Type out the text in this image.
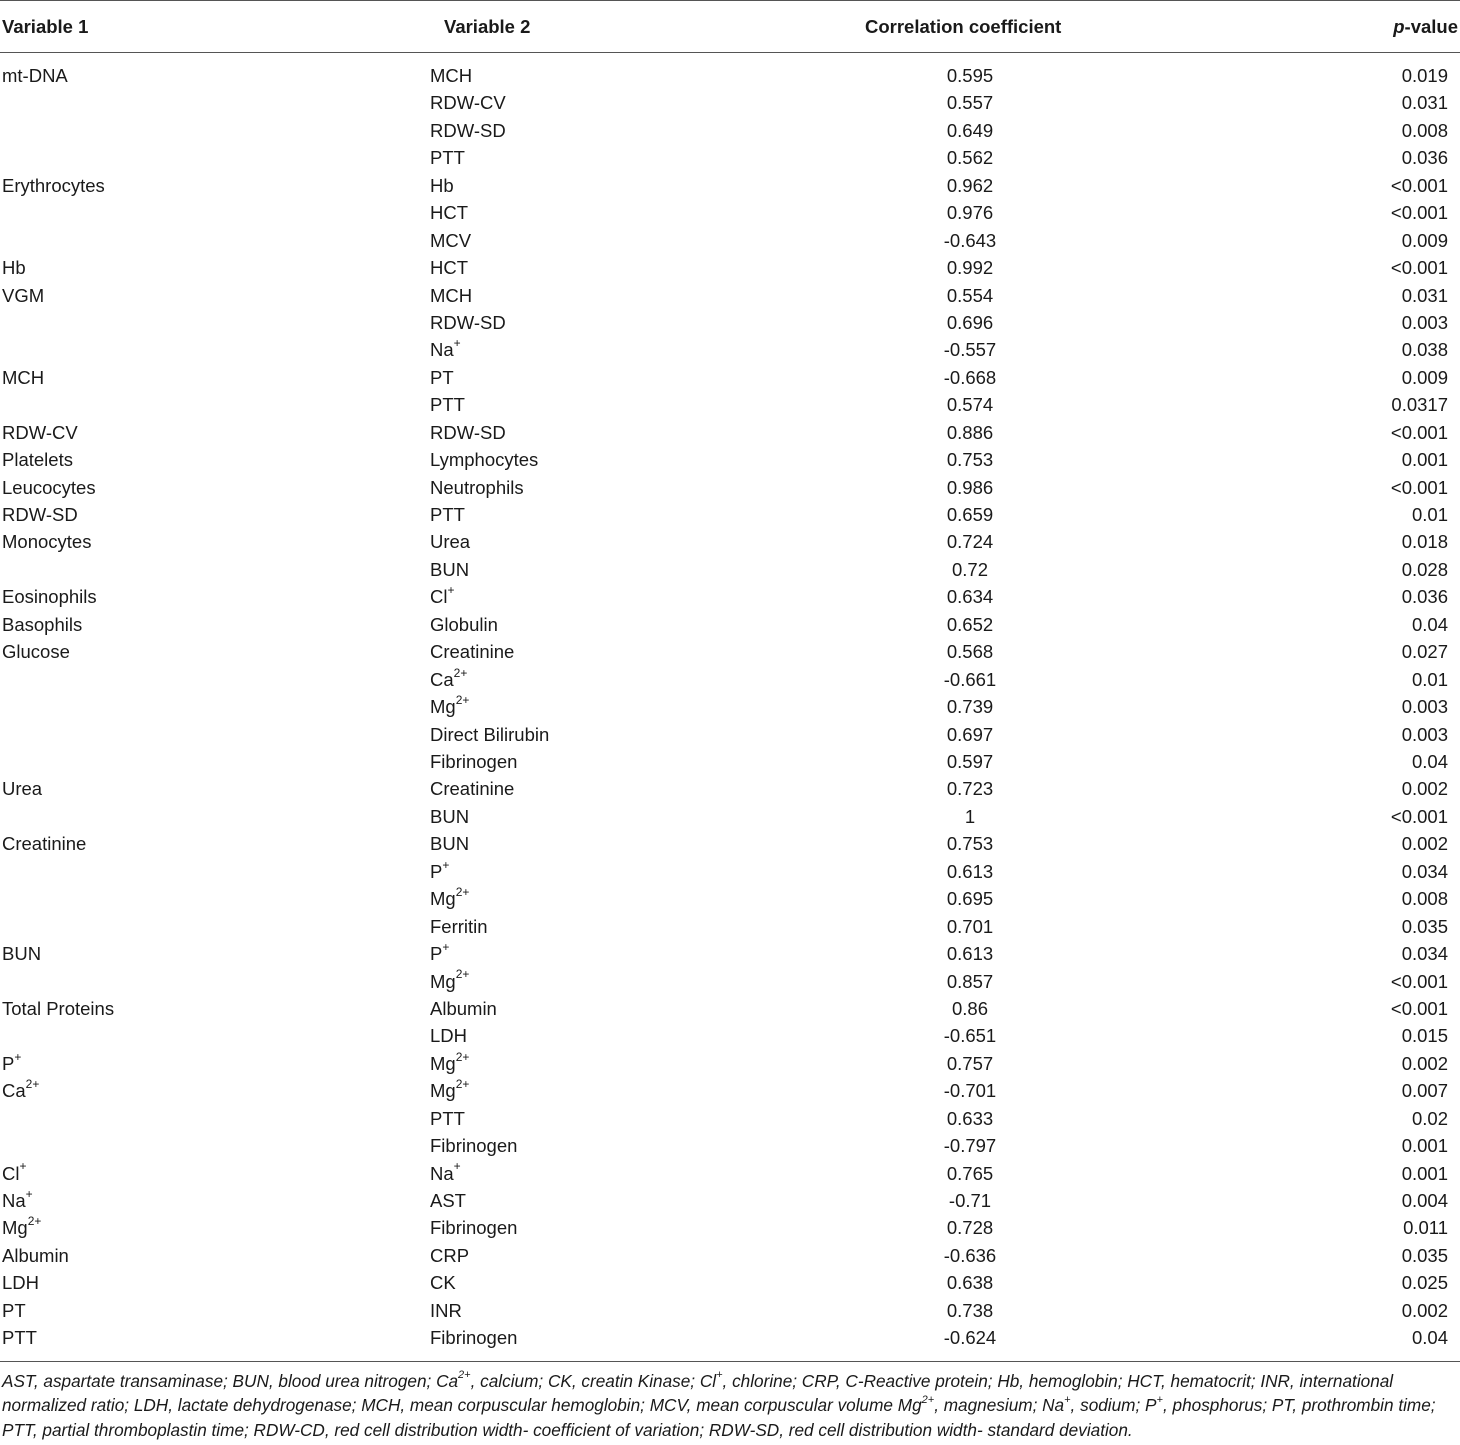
Variable 1	Variable 2	Correlation coefficient	p-value
mt-DNA	MCH	0.595	0.019
RDW-CV	0.557	0.031
RDW-SD	0.649	0.008
PTT	0.562	0.036
Erythrocytes	Hb	0.962	<0.001
HCT	0.976	<0.001
MCV	-0.643	0.009
Hb	HCT	0.992	<0.001
VGM	MCH	0.554	0.031
RDW-SD	0.696	0.003
Na+	-0.557	0.038
MCH	PT	-0.668	0.009
PTT	0.574	0.0317
RDW-CV	RDW-SD	0.886	<0.001
Platelets	Lymphocytes	0.753	0.001
Leucocytes	Neutrophils	0.986	<0.001
RDW-SD	PTT	0.659	0.01
Monocytes	Urea	0.724	0.018
BUN	0.72	0.028
Eosinophils	Cl+	0.634	0.036
Basophils	Globulin	0.652	0.04
Glucose	Creatinine	0.568	0.027
$Ca^{2+}$	-0.661	0.01
$Mg^{2+}$	0.739	0.003
Direct Bilirubin	0.697	0.003
Fibrinogen	0.597	0.04
Urea	Creatinine	0.723	0.002
BUN	1	<0.001
Creatinine	BUN	0.753	0.002
P+	0.613	0.034
$Mg^{2+}$	0.695	0.008
Ferritin	0.701	0.035
BUN	P+	0.613	0.034
$Mg^{2+}$	0.857	<0.001
Total Proteins	Albumin	0.86	<0.001
LDH	-0.651	0.015
P+	$Mg^{2+}$	0.757	0.002
$Ca^{2+}$	$Mg^{2+}$	-0.701	0.007
PTT	0.633	0.02
Fibrinogen	-0.797	0.001
Cl+	Na+	0.765	0.001
Na+	AST	-0.71	0.004
$Mg^{2+}$	Fibrinogen	0.728	0.011
Albumin	CRP	-0.636	0.035
LDH	CK	0.638	0.025
PT	INR	0.738	0.002
PTT	Fibrinogen	-0.624	0.04
AST, aspartate transaminase; BUN, blood urea nitrogen; $Ca^{2+}$, calcium; CK, creatin Kinase; Cl+, chlorine; CRP, C-Reactive protein; Hb, hemoglobin; HCT, hematocrit; INR, international normalized ratio; LDH, lactate dehydrogenase; MCH, mean corpuscular hemoglobin; MCV, mean corpuscular volume $Mg^{2+}$, magnesium; Na+, sodium; P+, phosphorus; PT, prothrombin time; PTT, partial thromboplastin time; RDW-CD, red cell distribution width- coefficient of variation; RDW-SD, red cell distribution width- standard deviation.
